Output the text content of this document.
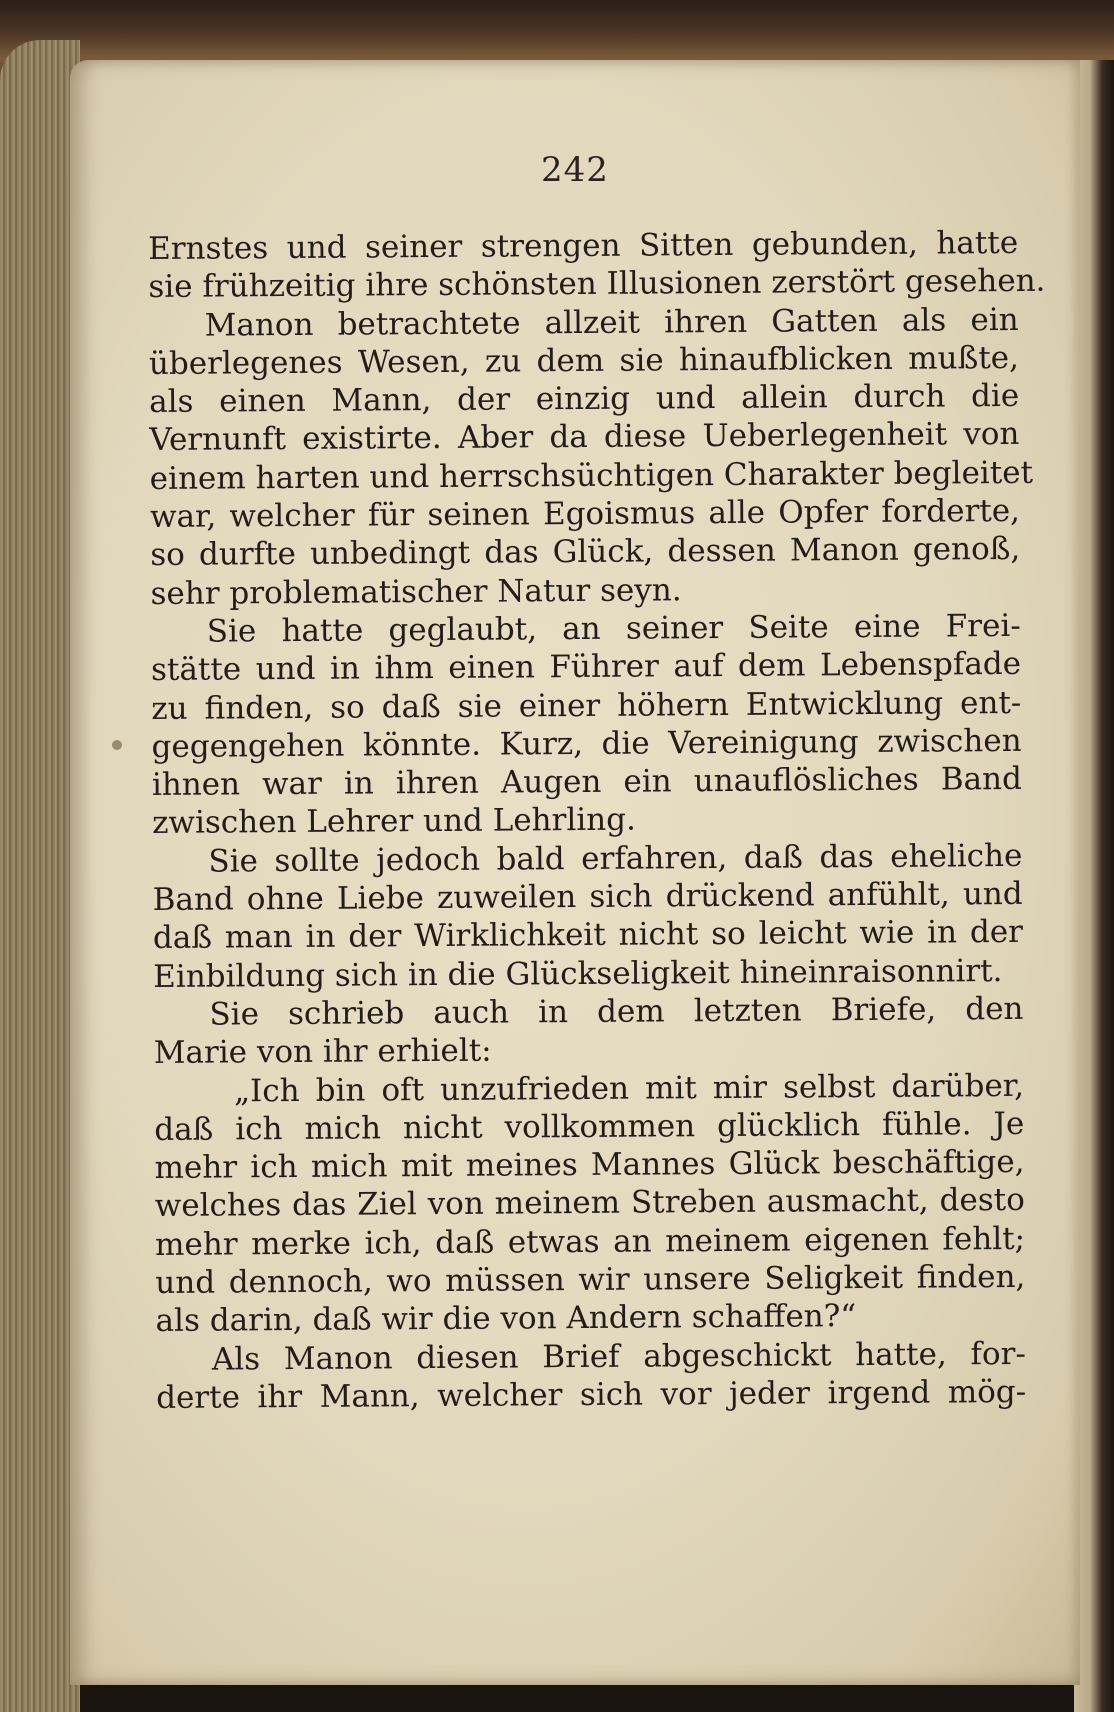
242
Ernstes und seiner strengen Sitten gebunden, hatte
sie frühzeitig ihre schönsten Illusionen zerstört gesehen.
Manon betrachtete allzeit ihren Gatten als ein
überlegenes Wesen, zu dem sie hinaufblicken mußte,
als einen Mann, der einzig und allein durch die
Vernunft existirte. Aber da diese Ueberlegenheit von
einem harten und herrschsüchtigen Charakter begleitet
war, welcher für seinen Egoismus alle Opfer forderte,
so durfte unbedingt das Glück, dessen Manon genoß,
sehr problematischer Natur seyn.
Sie hatte geglaubt, an seiner Seite eine Frei-
stätte und in ihm einen Führer auf dem Lebenspfade
zu finden, so daß sie einer höhern Entwicklung ent-
gegengehen könnte. Kurz, die Vereinigung zwischen
ihnen war in ihren Augen ein unauflösliches Band
zwischen Lehrer und Lehrling.
Sie sollte jedoch bald erfahren, daß das eheliche
Band ohne Liebe zuweilen sich drückend anfühlt, und
daß man in der Wirklichkeit nicht so leicht wie in der
Einbildung sich in die Glückseligkeit hineinraisonnirt.
Sie schrieb auch in dem letzten Briefe, den
Marie von ihr erhielt:
„Ich bin oft unzufrieden mit mir selbst darüber,
daß ich mich nicht vollkommen glücklich fühle. Je
mehr ich mich mit meines Mannes Glück beschäftige,
welches das Ziel von meinem Streben ausmacht, desto
mehr merke ich, daß etwas an meinem eigenen fehlt;
und dennoch, wo müssen wir unsere Seligkeit finden,
als darin, daß wir die von Andern schaffen?“
Als Manon diesen Brief abgeschickt hatte, for-
derte ihr Mann, welcher sich vor jeder irgend mög-
